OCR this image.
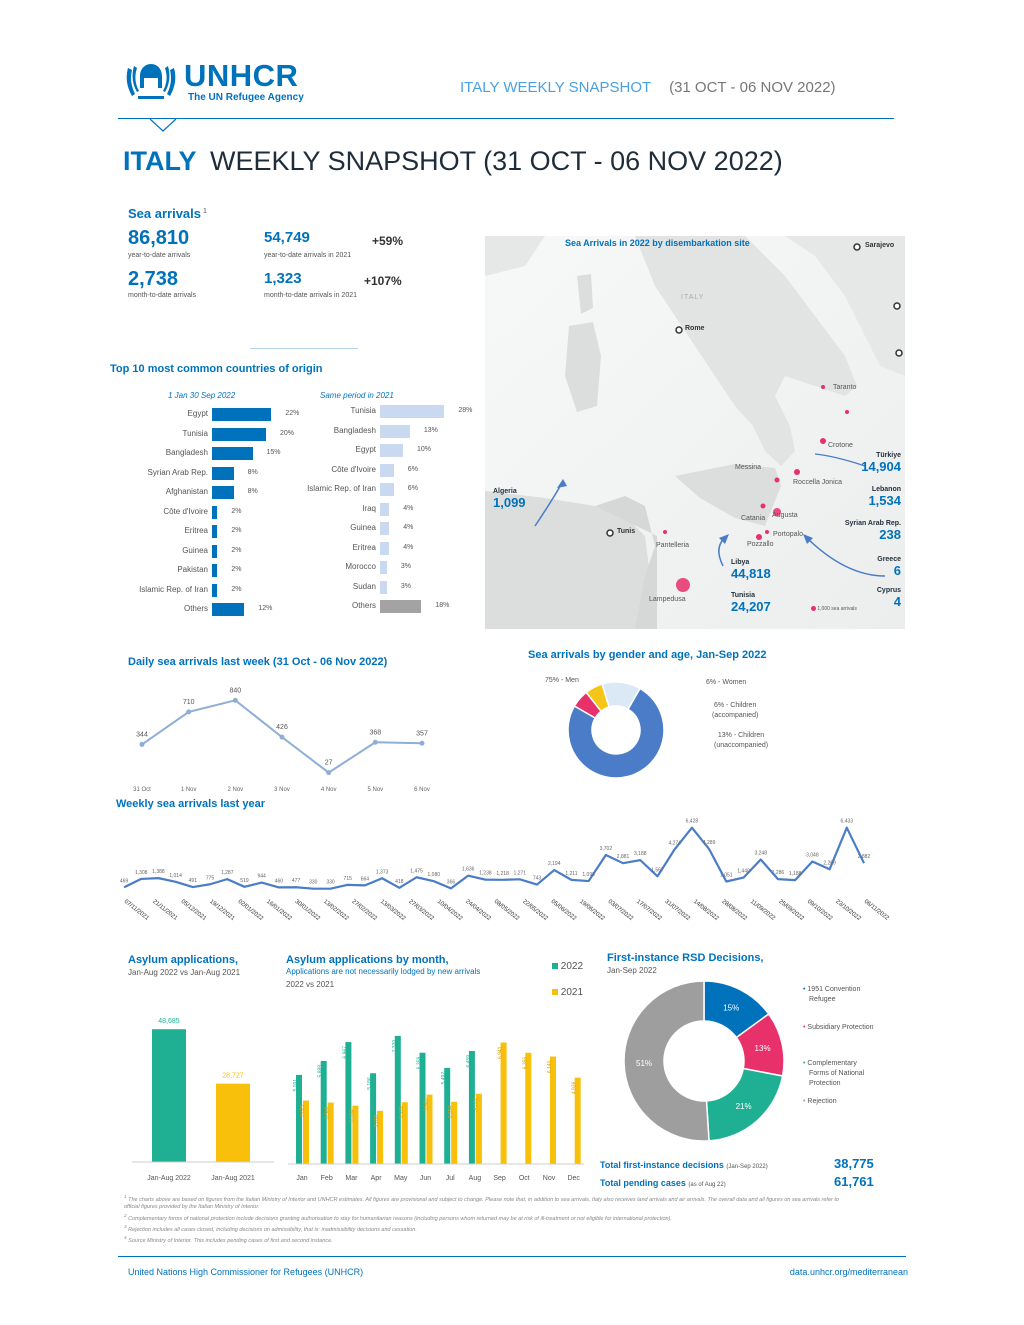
UNHCR
The UN Refugee Agency
ITALY WEEKLY SNAPSHOT (31 OCT - 06 NOV 2022)
ITALY WEEKLY SNAPSHOT (31 OCT - 06 NOV 2022)
Sea arrivals $^1$
86,810
year-to-date arrivals
54,749
year-to-date arrivals in 2021
+59%
2,738
month-to-date arrivals
1,323
month-to-date arrivals in 2021
+107%
Top 10 most common countries of origin
1 Jan 30 Sep 2022	Same period in 2021
Egypt	22%
Tunisia	20%
Bangladesh	15%
Syrian Arab Rep.	8%
Afghanistan	8%
Côte d'Ivoire	2%
Eritrea	2%
Guinea	2%
Pakistan	2%
Islamic Rep. of Iran	2%
Others	12%
Tunisia	28%
Bangladesh	13%
Egypt	10%
Côte d'Ivoire	6%
Islamic Rep. of Iran	6%
Iraq	4%
Guinea	4%
Eritrea	4%
Morocco	3%
Sudan	3%
Others	18%
Sea Arrivals in 2022 by disembarkation site	Sarajevo
ITALY
Rome
Tunis
Taranto
Crotone
Messina
Roccella Jonica
Augusta
Catania
Portopalo
Pozzallo
Pantelleria
Lampedusa
Algeria
1,099
Libya
44,818
Tunisia
24,207
Türkiye
14,904
Lebanon
1,534
Syrian Arab Rep.
238
Greece
6
Cyprus
4
1,000 sea arrivals
Daily sea arrivals last week (31 Oct - 06 Nov 2022)
344
31 Oct
710
1 Nov
840
2 Nov
426
3 Nov
27
4 Nov
368
5 Nov
357
6 Nov
Sea arrivals by gender and age, Jan-Sep 2022
75% - Men	6% - Women
6% - Children
(accompanied)
13% - Children
(unaccompanied)
Weekly sea arrivals last year
469
1,308 1,388
1,014
491 775
1,287
519
944
460 477 330 330
715 664
1,373
418
1,475
1,080
366
1,636
1,238 1,218 1,271
743
2,194
1,211 1,093
3,702
2,881
3,188
1,567
4,274
6,428
4,289
1,051
1,440
3,248
1,286 1,188
3,048
2,269
6,433
2,882
07/11/2021 21/11/2021 05/12/2021 19/12/2021 02/01/2022 16/01/2022 30/01/2022 13/02/2022 27/02/2022 13/03/2022 27/03/2022 10/04/2022 24/04/2022 08/05/2022 22/05/2022 05/06/2022 19/06/2022 03/07/2022 17/07/2022 31/07/2022 14/08/2022 28/08/2022 11/09/2022 25/09/2022 09/10/2022 23/10/2022 06/11/2022
Asylum applications,
Jan-Aug 2022 vs Jan-Aug 2021
48,685
Jan-Aug 2022
28,727
Jan-Aug 2021
Asylum applications by month,
Applications are not necessarily lodged by new arrivals
2022 vs 2021
2022
2021
5,091
3,625
Jan
5,889
3,508
Feb
6,967
3,334
Mar
5,186
3,038
Apr
7,320
3,529
May
6,359
3,963
Jun
5,492
3,554
Jul
6,459
4,012
Aug
6,941
Sep
6,355
Oct
6,140
Nov
4,936
Dec
First-instance RSD Decisions,
Jan-Sep 2022
15%
13%
21%
51%
• 1951 Convention
Refugee
• Subsidiary Protection
• Complementary
Forms of National
Protection
• Rejection
Total first-instance decisions (Jan-Sep 2022)	38,775
Total pending cases (as of Aug 22)	61,761
$^1$ The charts above are based on figures from the Italian Ministry of Interior and UNHCR estimates. All figures are provisional and subject to change. Please note that, in addition to sea arrivals, Italy also receives land arrivals and air arrivals. The overall data and all figures on sea arrivals refer to official figures provided by the Italian Ministry of Interior.
$^2$ Complementary forms of national protection include decisions granting authorisation to stay for humanitarian reasons (including persons whom returned may be at risk of ill-treatment or not eligible for international protection).
$^3$ Rejection includes all cases closed, including decisions on admissibility, that is: inadmissibility decisions and cessation.
$^4$ Source Ministry of Interior. This includes pending cases of first and second instance.
United Nations High Commissioner for Refugees (UNHCR)	data.unhcr.org/mediterranean
